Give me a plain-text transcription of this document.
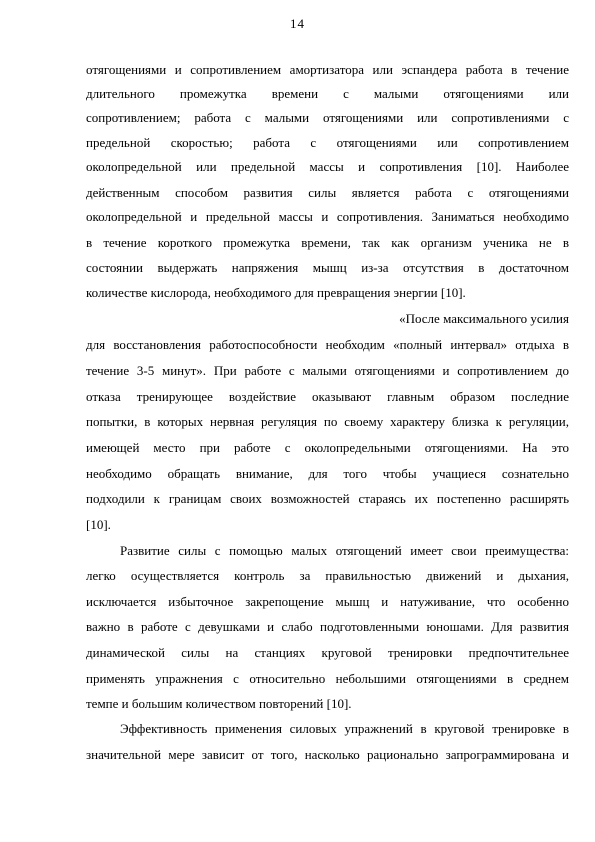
14
отягощениями и сопротивлением амортизатора или эспандера работа в течение
длительного промежутка времени с малыми отягощениями или
сопротивлением; работа с малыми отягощениями или сопротивлениями с
предельной скоростью; работа с отягощениями или сопротивлением
околопредельной или предельной массы и сопротивления [10]. Наиболее
действенным способом развития силы является работа с отягощениями
околопредельной и предельной массы и сопротивления. Заниматься необходимо
в течение короткого промежутка времени, так как организм ученика не в
состоянии выдержать напряжения мышц из-за отсутствия в достаточном
количестве кислорода, необходимого для превращения энергии [10].
«После максимального усилия
для восстановления работоспособности необходим «полный интервал» отдыха в
течение 3-5 минут». При работе с малыми отягощениями и сопротивлением до
отказа тренирующее воздействие оказывают главным образом последние
попытки, в которых нервная регуляция по своему характеру близка к регуляции,
имеющей место при работе с околопредельными отягощениями. На это
необходимо обращать внимание, для того чтобы учащиеся сознательно
подходили к границам своих возможностей стараясь их постепенно расширять
[10].
Развитие силы с помощью малых отягощений имеет свои преимущества:
легко осуществляется контроль за правильностью движений и дыхания,
исключается избыточное закрепощение мышц и натуживание, что особенно
важно в работе с девушками и слабо подготовленными юношами. Для развития
динамической силы на станциях круговой тренировки предпочтительнее
применять упражнения с относительно небольшими отягощениями в среднем
темпе и большим количеством повторений [10].
Эффективность применения силовых упражнений в круговой тренировке в
значительной мере зависит от того, насколько рационально запрограммирована и
